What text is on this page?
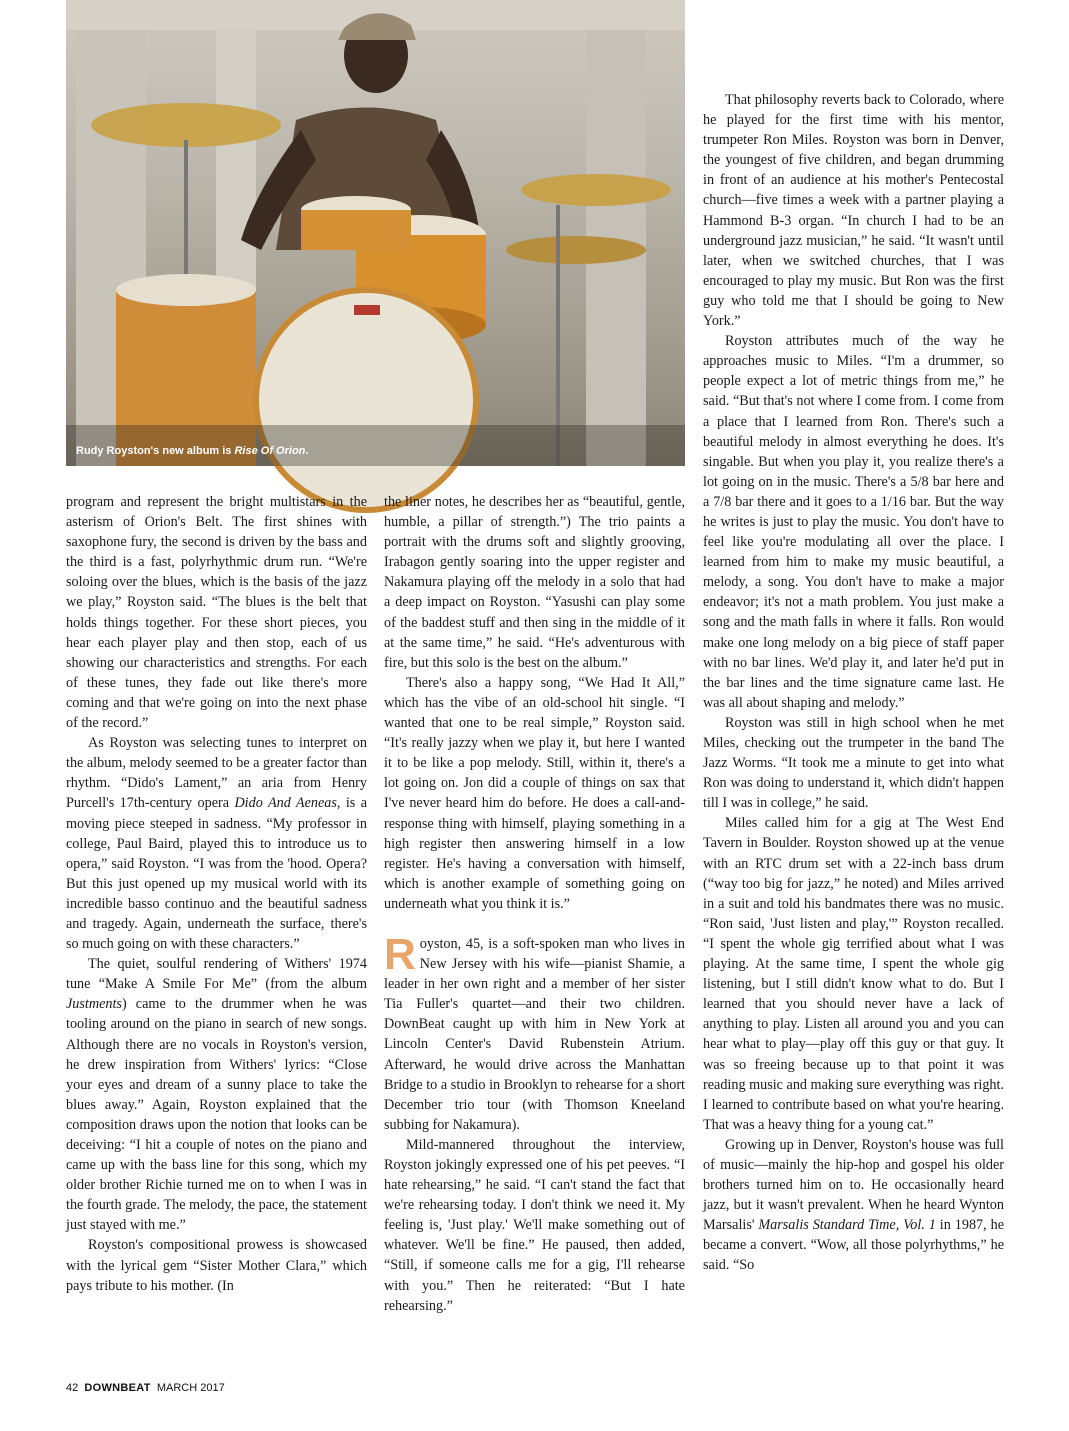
ANDREA CANTER
Rudy Royston's new album is Rise Of Orion.

program and represent the bright multistars in the asterism of Orion's Belt. The first shines with saxophone fury, the second is driven by the bass and the third is a fast, polyrhythmic drum run. “We're soloing over the blues, which is the basis of the jazz we play,” Royston said. “The blues is the belt that holds things together. For these short pieces, you hear each player play and then stop, each of us showing our characteristics and strengths. For each of these tunes, they fade out like there's more coming and that we're going on into the next phase of the record.”

As Royston was selecting tunes to interpret on the album, melody seemed to be a greater factor than rhythm. “Dido's Lament,” an aria from Henry Purcell's 17th-century opera Dido And Aeneas, is a moving piece steeped in sadness. “My professor in college, Paul Baird, played this to introduce us to opera,” said Royston. “I was from the 'hood. Opera? But this just opened up my musical world with its incredible basso continuo and the beautiful sadness and tragedy. Again, underneath the surface, there's so much going on with these characters.”

The quiet, soulful rendering of Withers' 1974 tune “Make A Smile For Me” (from the album Justments) came to the drummer when he was tooling around on the piano in search of new songs. Although there are no vocals in Royston's version, he drew inspiration from Withers' lyrics: “Close your eyes and dream of a sunny place to take the blues away.” Again, Royston explained that the composition draws upon the notion that looks can be deceiving: “I hit a couple of notes on the piano and came up with the bass line for this song, which my older brother Richie turned me on to when I was in the fourth grade. The melody, the pace, the statement just stayed with me.”

Royston's compositional prowess is showcased with the lyrical gem “Sister Mother Clara,” which pays tribute to his mother. (In

the liner notes, he describes her as “beautiful, gentle, humble, a pillar of strength.”) The trio paints a portrait with the drums soft and slightly grooving, Irabagon gently soaring into the upper register and Nakamura playing off the melody in a solo that had a deep impact on Royston. “Yasushi can play some of the baddest stuff and then sing in the middle of it at the same time,” he said. “He's adventurous with fire, but this solo is the best on the album.”

There's also a happy song, “We Had It All,” which has the vibe of an old-school hit single. “I wanted that one to be real simple,” Royston said. “It's really jazzy when we play it, but here I wanted it to be like a pop melody. Still, within it, there's a lot going on. Jon did a couple of things on sax that I've never heard him do before. He does a call-and-response thing with himself, playing something in a high register then answering himself in a low register. He's having a conversation with himself, which is another example of something going on underneath what you think it is.”

Royston, 45, is a soft-spoken man who lives in New Jersey with his wife—pianist Shamie, a leader in her own right and a member of her sister Tia Fuller's quartet—and their two children. DownBeat caught up with him in New York at Lincoln Center's David Rubenstein Atrium. Afterward, he would drive across the Manhattan Bridge to a studio in Brooklyn to rehearse for a short December trio tour (with Thomson Kneeland subbing for Nakamura).

Mild-mannered throughout the interview, Royston jokingly expressed one of his pet peeves. “I hate rehearsing,” he said. “I can't stand the fact that we're rehearsing today. I don't think we need it. My feeling is, 'Just play.' We'll make something out of whatever. We'll be fine.” He paused, then added, “Still, if someone calls me for a gig, I'll rehearse with you.” Then he reiterated: “But I hate rehearsing.”

That philosophy reverts back to Colorado, where he played for the first time with his mentor, trumpeter Ron Miles. Royston was born in Denver, the youngest of five children, and began drumming in front of an audience at his mother's Pentecostal church—five times a week with a partner playing a Hammond B-3 organ. “In church I had to be an underground jazz musician,” he said. “It wasn't until later, when we switched churches, that I was encouraged to play my music. But Ron was the first guy who told me that I should be going to New York.”

Royston attributes much of the way he approaches music to Miles. “I'm a drummer, so people expect a lot of metric things from me,” he said. “But that's not where I come from. I come from a place that I learned from Ron. There's such a beautiful melody in almost everything he does. It's singable. But when you play it, you realize there's a lot going on in the music. There's a 5/8 bar here and a 7/8 bar there and it goes to a 1/16 bar. But the way he writes is just to play the music. You don't have to feel like you're modulating all over the place. I learned from him to make my music beautiful, a melody, a song. You don't have to make a major endeavor; it's not a math problem. You just make a song and the math falls in where it falls. Ron would make one long melody on a big piece of staff paper with no bar lines. We'd play it, and later he'd put in the bar lines and the time signature came last. He was all about shaping and melody.”

Royston was still in high school when he met Miles, checking out the trumpeter in the band The Jazz Worms. “It took me a minute to get into what Ron was doing to understand it, which didn't happen till I was in college,” he said.

Miles called him for a gig at The West End Tavern in Boulder. Royston showed up at the venue with an RTC drum set with a 22-inch bass drum (“way too big for jazz,” he noted) and Miles arrived in a suit and told his bandmates there was no music. “Ron said, 'Just listen and play,'” Royston recalled. “I spent the whole gig terrified about what I was playing. At the same time, I spent the whole gig listening, but I still didn't know what to do. But I learned that you should never have a lack of anything to play. Listen all around you and you can hear what to play—play off this guy or that guy. It was so freeing because up to that point it was reading music and making sure everything was right. I learned to contribute based on what you're hearing. That was a heavy thing for a young cat.”

Growing up in Denver, Royston's house was full of music—mainly the hip-hop and gospel his older brothers turned him on to. He occasionally heard jazz, but it wasn't prevalent. When he heard Wynton Marsalis' Marsalis Standard Time, Vol. 1 in 1987, he became a convert. “Wow, all those polyrhythms,” he said. “So

42 DOWNBEAT MARCH 2017
